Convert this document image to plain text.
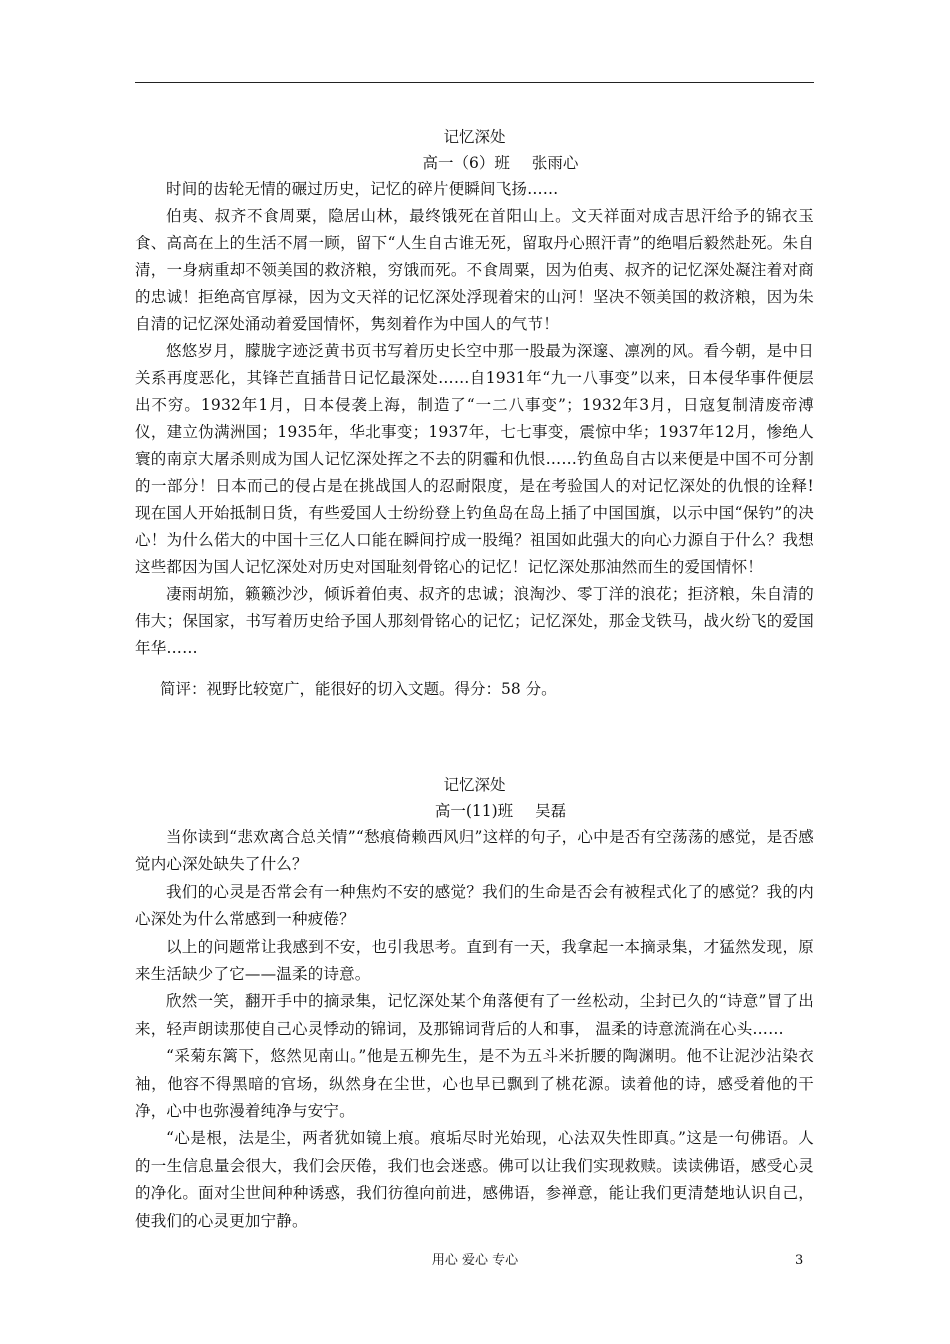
记忆深处

高一（6）班 张雨心

时间的齿轮无情的碾过历史，记忆的碎片便瞬间飞扬……

伯夷、叔齐不食周粟，隐居山林，最终饿死在首阳山上。文天祥面对成吉思汗给予的锦衣玉食、高高在上的生活不屑一顾，留下“人生自古谁无死，留取丹心照汗青”的绝唱后毅然赴死。朱自清，一身病重却不领美国的救济粮，穷饿而死。不食周粟，因为伯夷、叔齐的记忆深处凝注着对商的忠诚！拒绝高官厚禄，因为文天祥的记忆深处浮现着宋的山河！坚决不领美国的救济粮，因为朱自清的记忆深处涌动着爱国情怀，隽刻着作为中国人的气节！

悠悠岁月，朦胧字迹泛黄书页书写着历史长空中那一股最为深邃、凛冽的风。看今朝，是中日关系再度恶化，其锋芒直插昔日记忆最深处……自1931年“九一八事变”以来，日本侵华事件便层出不穷。1932年1月，日本侵袭上海，制造了“一二八事变”；1932年3月，日寇复制清废帝溥仪，建立伪满洲国；1935年，华北事变；1937年，七七事变，震惊中华；1937年12月，惨绝人寰的南京大屠杀则成为国人记忆深处挥之不去的阴霾和仇恨……钓鱼岛自古以来便是中国不可分割的一部分！日本而己的侵占是在挑战国人的忍耐限度，是在考验国人的对记忆深处的仇恨的诠释!现在国人开始抵制日货，有些爱国人士纷纷登上钓鱼岛在岛上插了中国国旗，以示中国“保钓”的决心！为什么偌大的中国十三亿人口能在瞬间拧成一股绳？祖国如此强大的向心力源自于什么？我想这些都因为国人记忆深处对历史对国耻刻骨铭心的记忆！记忆深处那油然而生的爱国情怀！

凄雨胡笳，籁籁沙沙，倾诉着伯夷、叔齐的忠诚；浪淘沙、零丁洋的浪花；拒济粮，朱自清的伟大；保国家，书写着历史给予国人那刻骨铭心的记忆；记忆深处，那金戈铁马，战火纷飞的爱国年华……

简评：视野比较宽广，能很好的切入文题。得分：58 分。

记忆深处

高一(11)班 吴磊

当你读到“悲欢离合总关情”“愁痕倚赖西风归”这样的句子，心中是否有空荡荡的感觉，是否感觉内心深处缺失了什么？

我们的心灵是否常会有一种焦灼不安的感觉？我们的生命是否会有被程式化了的感觉？我的内心深处为什么常感到一种疲倦？

以上的问题常让我感到不安，也引我思考。直到有一天，我拿起一本摘录集，才猛然发现，原来生活缺少了它——温柔的诗意。

欣然一笑，翻开手中的摘录集，记忆深处某个角落便有了一丝松动，尘封已久的“诗意”冒了出来，轻声朗读那使自己心灵悸动的锦词，及那锦词背后的人和事， 温柔的诗意流淌在心头……

“采菊东篱下，悠然见南山。”他是五柳先生，是不为五斗米折腰的陶渊明。他不让泥沙沾染衣袖，他容不得黑暗的官场，纵然身在尘世，心也早已飘到了桃花源。读着他的诗，感受着他的干净，心中也弥漫着纯净与安宁。

“心是根，法是尘，两者犹如镜上痕。痕垢尽时光始现，心法双失性即真。”这是一句佛语。人的一生信息量会很大，我们会厌倦，我们也会迷惑。佛可以让我们实现救赎。读读佛语，感受心灵的净化。面对尘世间种种诱惑，我们彷徨向前进，感佛语，参禅意，能让我们更清楚地认识自己，使我们的心灵更加宁静。

用心 爱心 专心	3
